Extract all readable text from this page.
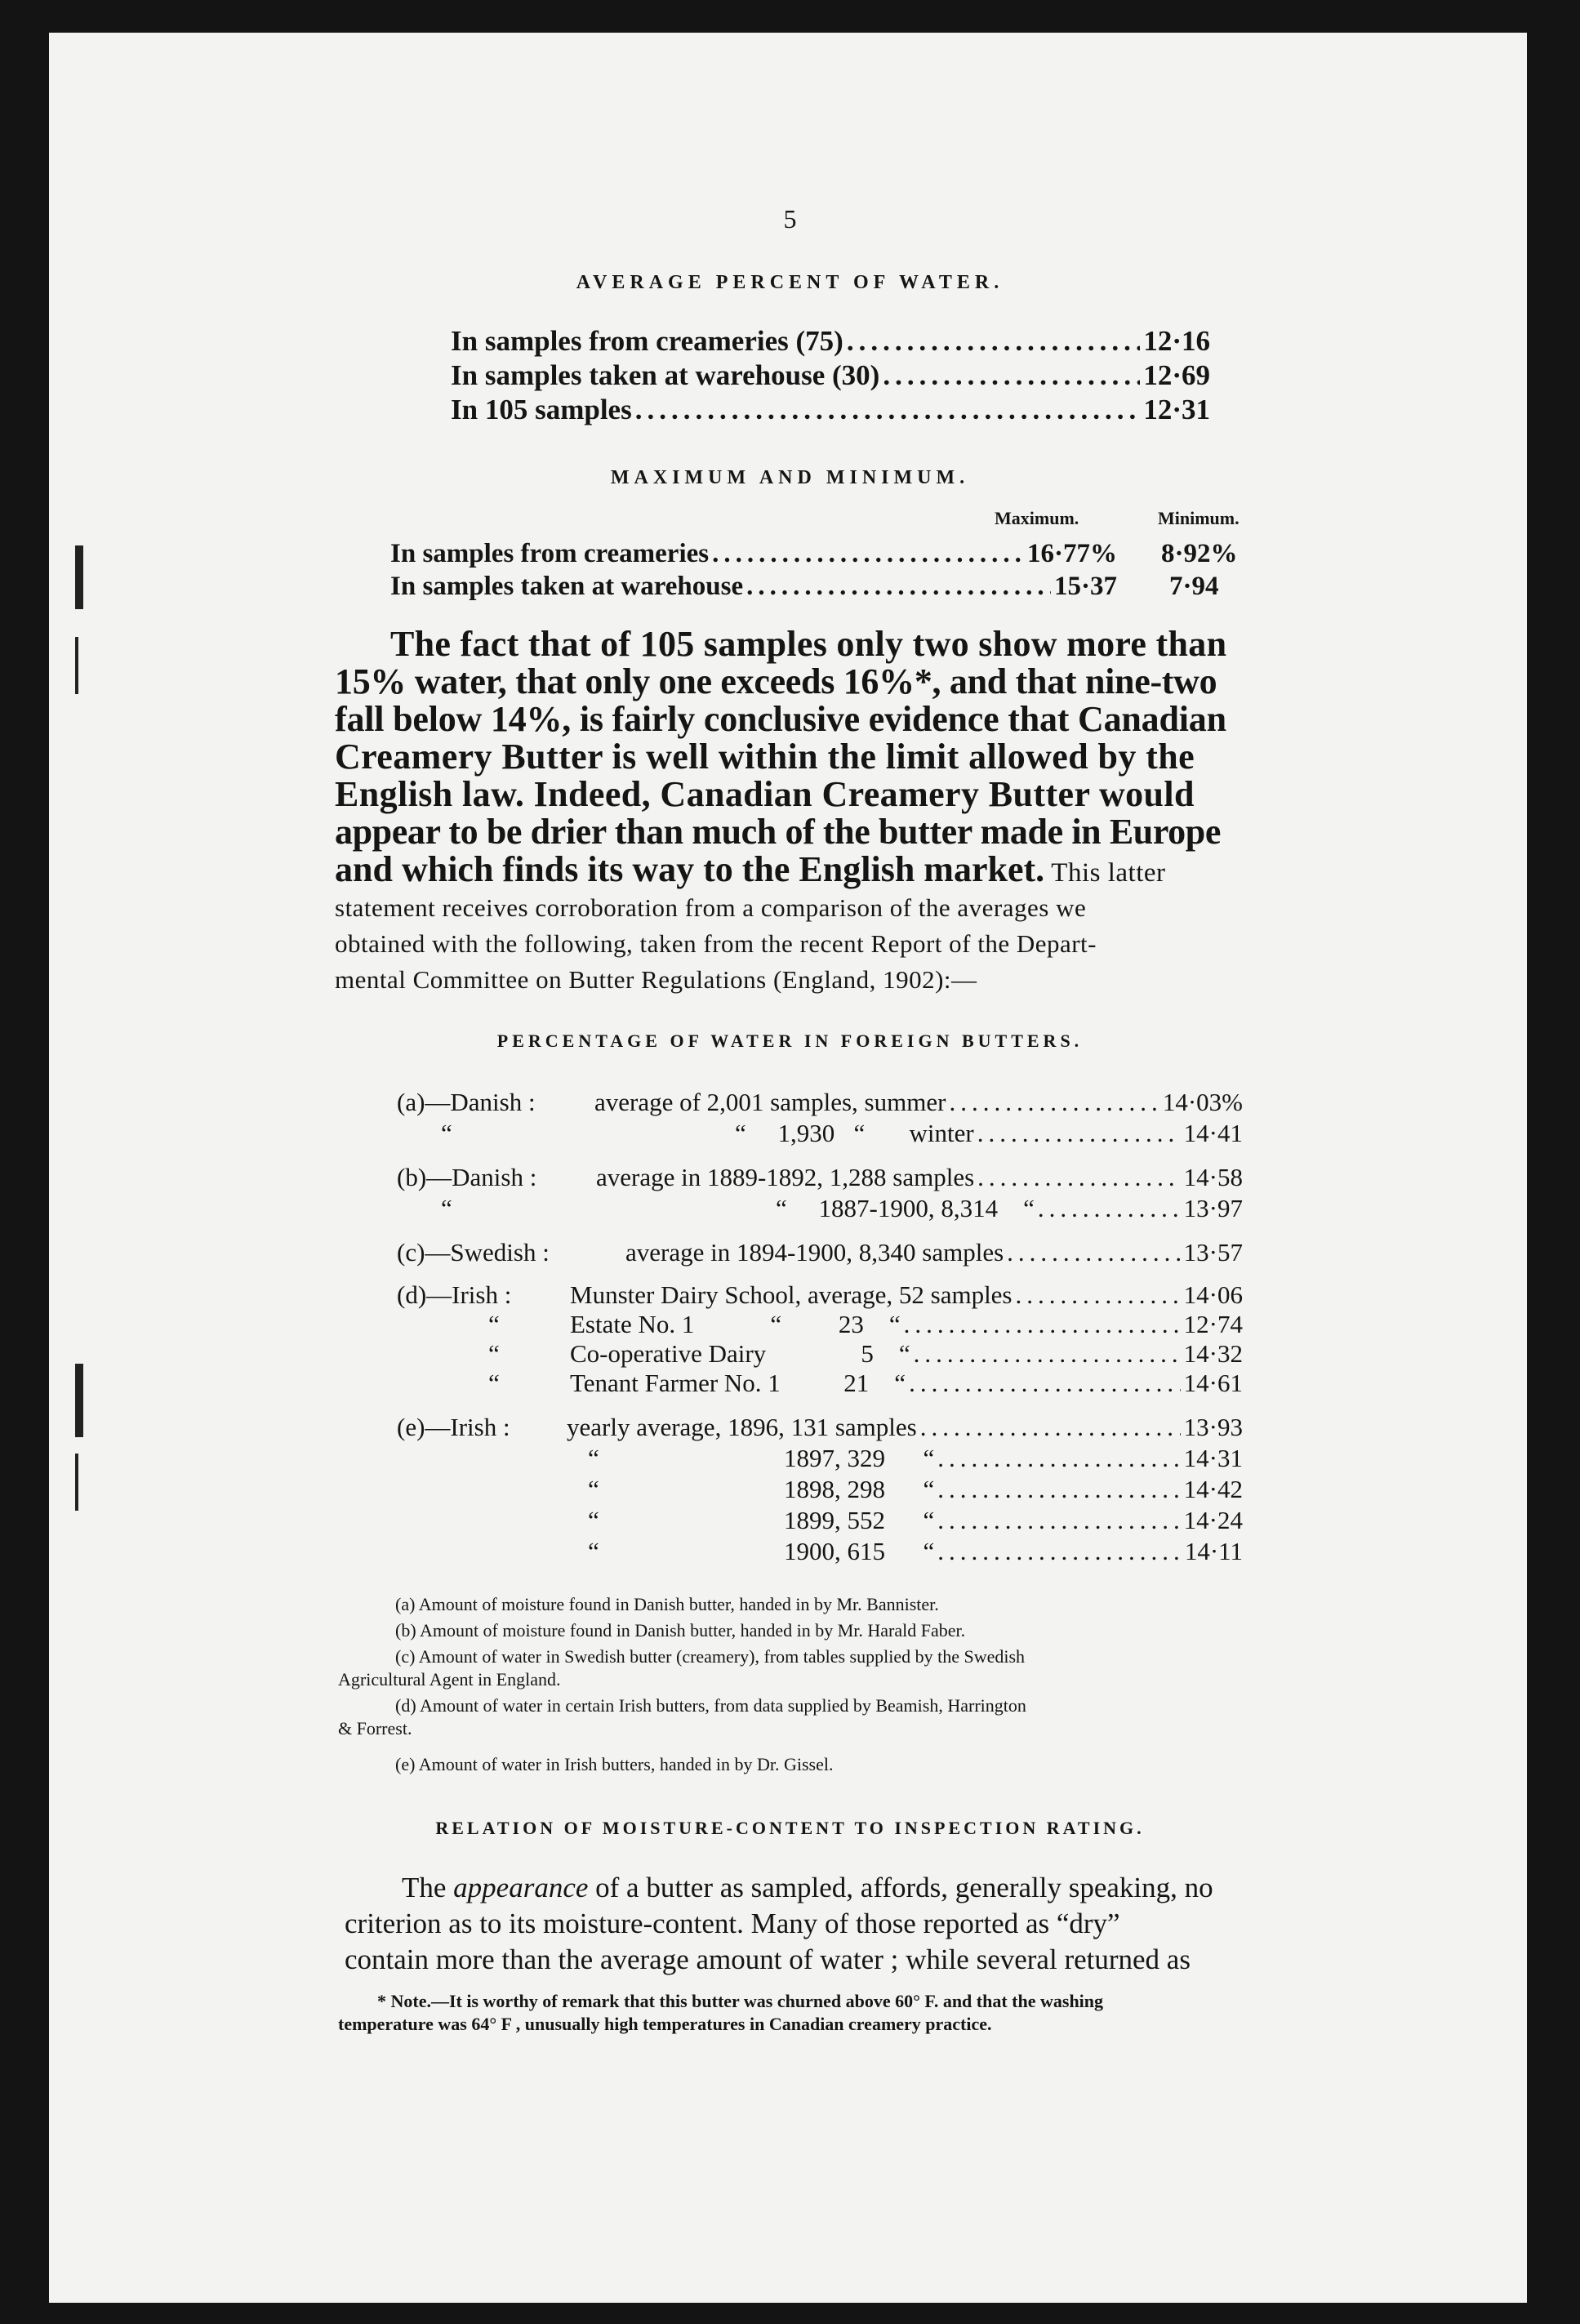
5
AVERAGE PERCENT OF WATER.
In samples from creameries (75) .....	12·16
In samples taken at warehouse (30) .....	12·69
In 105 samples .....	12·31
MAXIMUM AND MINIMUM.
Maximum.	Minimum.
In samples from creameries .....	16·77% 8·92%
In samples taken at warehouse .....	15·37 7·94
The fact that of 105 samples only two show more than
15% water, that only one exceeds 16%*, and that nine-two
fall below 14%, is fairly conclusive evidence that Canadian
Creamery Butter is well within the limit allowed by the
English law. Indeed, Canadian Creamery Butter would
appear to be drier than much of the butter made in Europe
and which finds its way to the English market. This latter
statement receives corroboration from a comparison of the averages we
obtained with the following, taken from the recent Report of the Depart-
mental Committee on Butter Regulations (England, 1902):—
PERCENTAGE OF WATER IN FOREIGN BUTTERS.
(a)—Danish : average of 2,001 samples, summer .....	14·03%
“	“     1,930   “       winter .....	14·41
(b)—Danish : average in 1889-1892, 1,288 samples .....	14·58
“	“     1887-1900, 8,314    “ .....	13·97
(c)—Swedish :	average in 1894-1900, 8,340 samples .....	13·57
(d)—Irish : Munster Dairy School, average, 52 samples .....	14·06
“	Estate No. 1            “         23    “ .....	12·74
“	Co-operative Dairy               5    “ .....	14·32
“	Tenant Farmer No. 1          21    “ .....	14·61
(e)—Irish : yearly average, 1896, 131 samples .....	13·93
“	1897, 329      “ .....	14·31
“	1898, 298      “ .....	14·42
“	1899, 552      “ .....	14·24
“	1900, 615      “ .....	14·11
(a) Amount of moisture found in Danish butter, handed in by Mr. Bannister.
(b) Amount of moisture found in Danish butter, handed in by Mr. Harald Faber.
(c) Amount of water in Swedish butter (creamery), from tables supplied by the Swedish
Agricultural Agent in England.
(d) Amount of water in certain Irish butters, from data supplied by Beamish, Harrington
& Forrest.
(e) Amount of water in Irish butters, handed in by Dr. Gissel.
RELATION OF MOISTURE-CONTENT TO INSPECTION RATING.
The appearance of a butter as sampled, affords, generally speaking, no
criterion as to its moisture-content. Many of those reported as “dry”
contain more than the average amount of water ; while several returned as
* Note.—It is worthy of remark that this butter was churned above 60° F. and that the washing
temperature was 64° F , unusually high temperatures in Canadian creamery practice.
